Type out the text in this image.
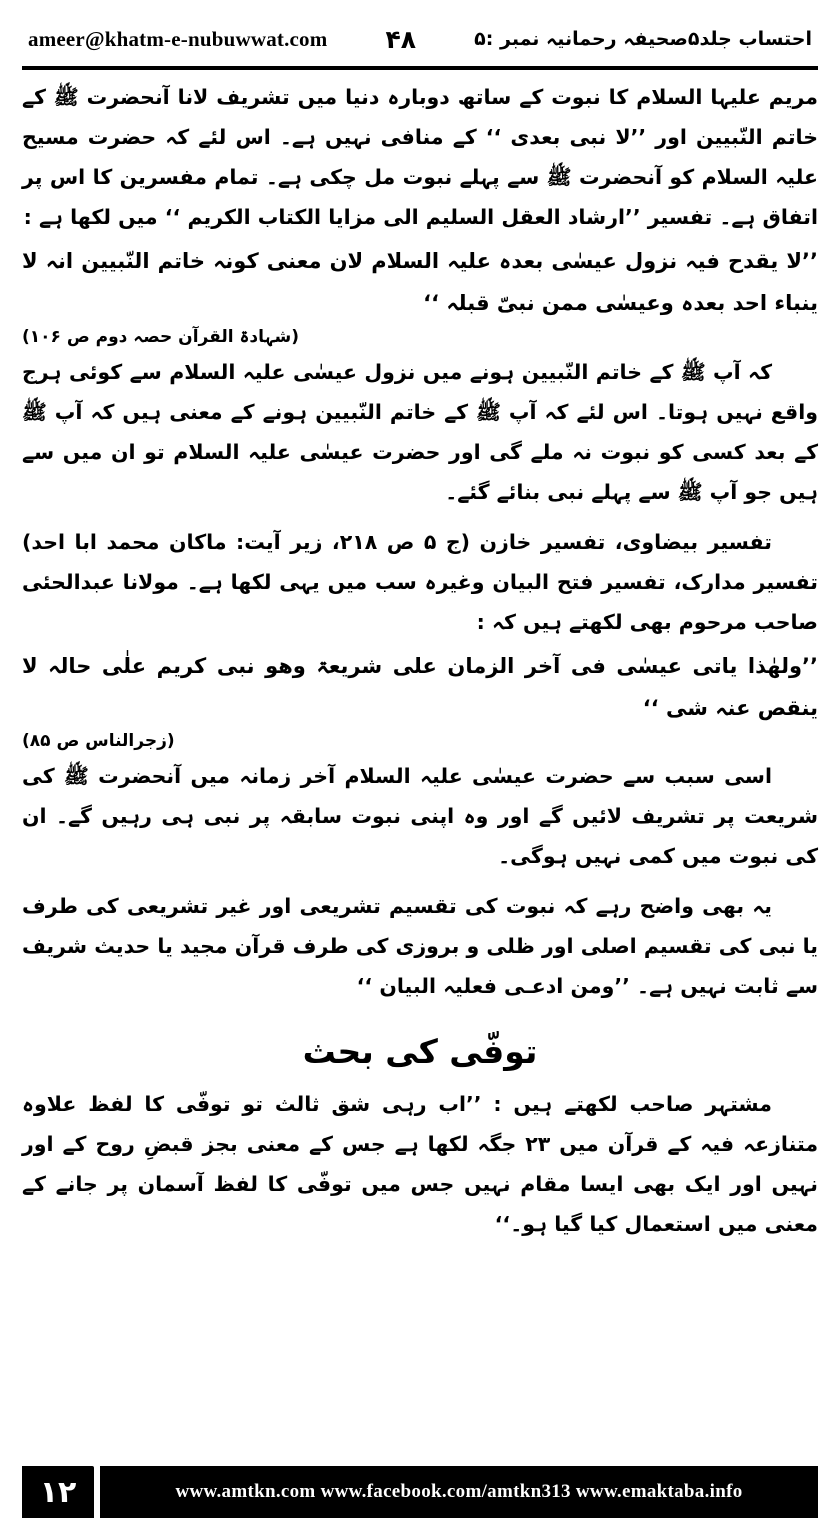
احتساب جلد۵صحیفہ رحمانیہ نمبر :۵
۴۸
ameer@khatm-e-nubuwwat.com

مریم علیہا السلام کا نبوت کے ساتھ دوبارہ دنیا میں تشریف لانا آنحضرت ﷺ کے خاتم النّبیین اور ’’لا نبی بعدی ‘‘ کے منافی نہیں ہے۔ اس لئے کہ حضرت مسیح علیہ السلام کو آنحضرت ﷺ سے پہلے نبوت مل چکی ہے۔ تمام مفسرین کا اس پر اتفاق ہے۔ تفسیر ’’ارشاد العقل السلیم الی مزایا الکتاب الکریم ‘‘ میں لکھا ہے :

’’لا یقدح فیہ نزول عیسٰی بعدہ علیہ السلام لان معنی کونہ خاتم النّبیین انہ لا ینباء احد بعدہ وعیسٰی ممن نبیّ قبلہ ‘‘

(شہادۃ القرآن حصہ دوم ص ۱۰۶)

کہ آپ ﷺ کے خاتم النّبیین ہونے میں نزول عیسٰی علیہ السلام سے کوئی ہرج واقع نہیں ہوتا۔ اس لئے کہ آپ ﷺ کے خاتم النّبیین ہونے کے معنی ہیں کہ آپ ﷺ کے بعد کسی کو نبوت نہ ملے گی اور حضرت عیسٰی علیہ السلام تو ان میں سے ہیں جو آپ ﷺ سے پہلے نبی بنائے گئے۔

تفسیر بیضاوی، تفسیر خازن (ج ۵ ص ۲۱۸، زیر آیت: ماکان محمد ابا احد) تفسیر مدارک، تفسیر فتح البیان وغیرہ سب میں یہی لکھا ہے۔ مولانا عبدالحئی صاحب مرحوم بھی لکھتے ہیں کہ :

’’ولھٰذا یاتی عیسٰی فی آخر الزمان علی شریعۃ وھو نبی کریم علٰی حالہ لا ینقص عنہ شی ‘‘

(زجرالناس ص ۸۵)

اسی سبب سے حضرت عیسٰی علیہ السلام آخر زمانہ میں آنحضرت ﷺ کی شریعت پر تشریف لائیں گے اور وہ اپنی نبوت سابقہ پر نبی ہی رہیں گے۔ ان کی نبوت میں کمی نہیں ہوگی۔

یہ بھی واضح رہے کہ نبوت کی تقسیم تشریعی اور غیر تشریعی کی طرف یا نبی کی تقسیم اصلی اور ظلی و بروزی کی طرف قرآن مجید یا حدیث شریف سے ثابت نہیں ہے۔ ’’ومن ادعـی فعلیہ البیان ‘‘

توفّی کی بحث

مشتہر صاحب لکھتے ہیں : ’’اب رہی شق ثالث تو توفّی کا لفظ علاوہ متنازعہ فیہ کے قرآن میں ۲۳ جگہ لکھا ہے جس کے معنی بجز قبضِ روح کے اور نہیں اور ایک بھی ایسا مقام نہیں جس میں توفّی کا لفظ آسمان پر جانے کے معنی میں استعمال کیا گیا ہو۔‘‘

۱۲	www.amtkn.com www.facebook.com/amtkn313 www.emaktaba.info
